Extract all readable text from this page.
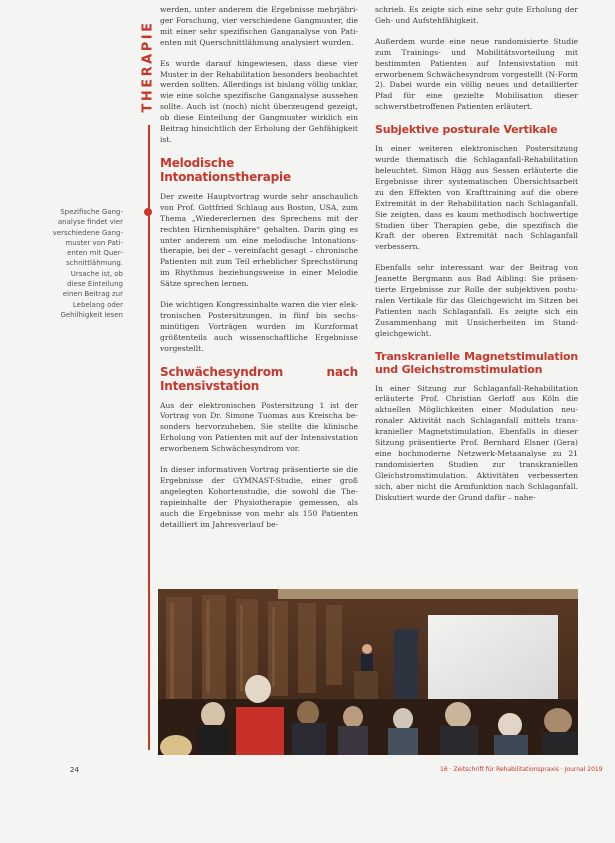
THERAPIE
Spezifische Ganganalyse findet vier verschiedene Gangmuster von Patienten mit Querschnittlähmung. Ursache ist, ob diese Einteilung einen Beitrag zur Lebelang oder Gehilhigkeit lesen

werden, unter anderem die Ergebnisse mehrjähriger Forschung, vier verschiedene Gangmuster, die mit einer sehr spezifischen Ganganalyse von Patienten mit Querschnittlähmung analysiert wurden.

Es wurde darauf hingewiesen, dass diese vier Muster in der Rehabilitation besonders beobachtet werden sollten. Allerdings ist bislang völlig unklar, wie eine solche spezifische Ganganalyse aussehen sollte. Auch ist (noch) nicht überzeugend gezeigt, ob diese Einteilung der Gangmuster wirklich ein Beitrag hinsichtlich der Erholung der Gehfähigkeit ist.

Melodische Intonationstherapie

Der zweite Hauptvortrag wurde sehr anschaulich von Prof. Gottfried Schlaug aus Boston, USA, zum Thema „Wiedererlernen des Sprechens mit der rechten Hirnhemisphäre“ gehalten. Darin ging es unter anderem um eine melodische Intonationstherapie, bei der – vereinfacht gesagt – chronische Patienten mit zum Teil erheblicher Sprechstörung im Rhythmus beziehungsweise in einer Melodie Sätze sprechen lernen.

Die wichtigen Kongressinhalte waren die vier elektronischen Postersitzungen, in fünf bis sechsminütigen Vorträgen wurden im Kurzformat größtenteils auch wissenschaftliche Ergebnisse vorgestellt.

Schwächesyndrom nach Intensivstation

Aus der elektronischen Postersitzung 1 ist der Vortrag von Dr. Simone Tuomas aus Kreischa besonders hervorzuheben. Sie stellte die klinische Erholung von Patienten mit auf der Intensivstation erworbenem Schwächesyndrom vor.

In dieser informativen Vortrag präsentierte sie die Ergebnisse der GYMNAST-Studie, einer groß angelegten Kohortenstudie, die sowohl die Therapieinhalte der Physiotherapie gemessen, als auch die Ergebnisse von mehr als 150 Patienten detailliert im Jahresverlauf be-

schrieb. Es zeigte sich eine sehr gute Erholung der Geh- und Aufstehfähigkeit.

Außerdem wurde eine neue randomisierte Studie zum Trainings- und Mobilitätsvorteilung mit bestimmten Patienten auf Intensivstation mit erworbenem Schwächesyndrom vorgestellt (N-Form 2). Dabei wurde ein völlig neues und detaillierter Pfad für eine gezielte Mobilisation dieser schwerstbetroffenen Patienten erläutert.

Subjektive posturale Vertikale

In einer weiteren elektronischen Postersitzung wurde thematisch die Schlaganfall-Rehabilitation beleuchtet. Simon Hägg aus Sessen erläuterte die Ergebnisse ihrer systematischen Übersichtsarbeit zu den Effekten von Krafttraining auf die obere Extremität in der Rehabilitation nach Schlaganfall. Sie zeigten, dass es kaum methodisch hochwertige Studien über Therapien gebe, die spezifisch die Kraft der oberen Extremität nach Schlaganfall verbessern.

Ebenfalls sehr interessant war der Beitrag von Jeanette Bergmann aus Bad Aibling: Sie präsentierte Ergebnisse zur Rolle der subjektiven posturalen Vertikale für das Gleichgewicht im Sitzen bei Patienten nach Schlaganfall. Es zeigte sich ein Zusammenhang mit Unsicherheiten im Standgleichgewicht.

Transkranielle Magnetstimulation und Gleichstromstimulation

In einer Sitzung zur Schlaganfall-Rehabilitation erläuterte Prof. Christian Gerloff aus Köln die aktuellen Möglichkeiten einer Modulation neuronaler Aktivität nach Schlaganfall mittels transkranieller Magnetstimulation. Ebenfalls in dieser Sitzung präsentierte Prof. Bernhard Elsner (Gera) eine hochmoderne Netzwerk-Metaanalyse zu 21 randomisierten Studien zur transkraniellen Gleichstromstimulation. Aktivitäten verbesserten sich, aber nicht die Armfunktion nach Schlaganfall. Diskutiert wurde der Grund dafür – nahe-

24	16 · Zeitschrift für Rehabilitationspraxis · Journal 2019
